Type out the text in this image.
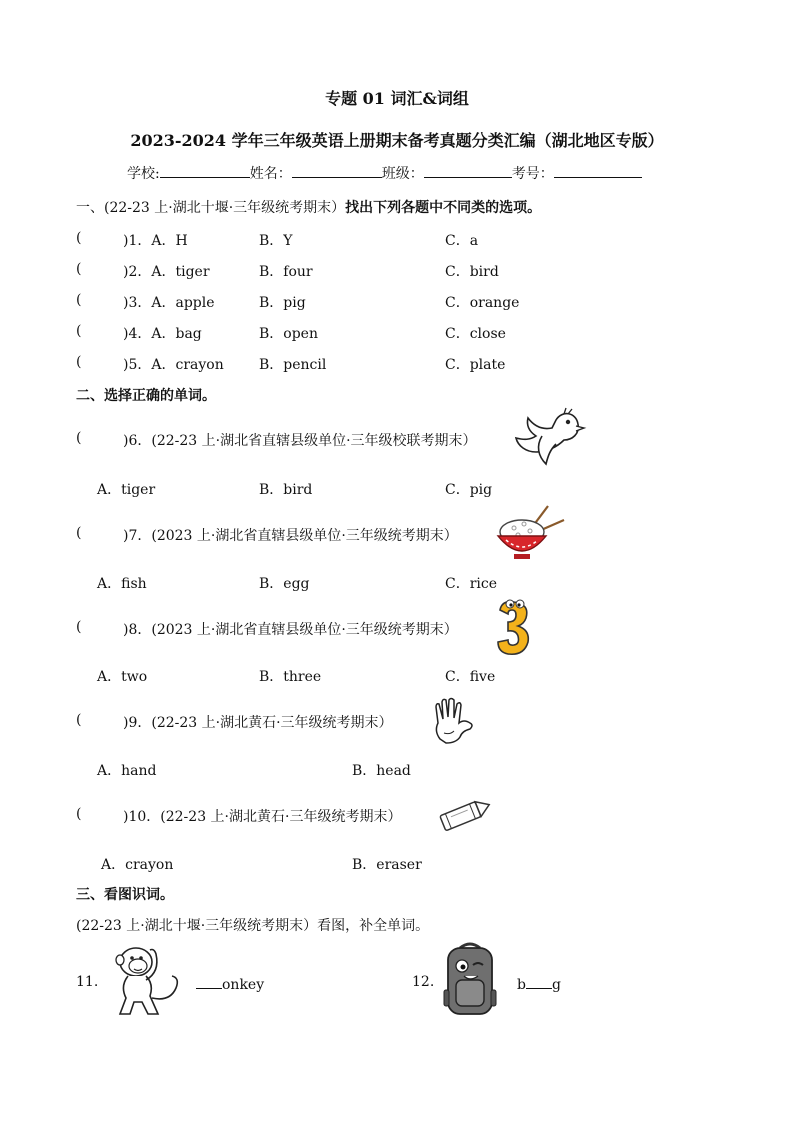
专题 01 词汇&词组
2023-2024 学年三年级英语上册期末备考真题分类汇编（湖北地区专版）
学校:	姓名：	班级：	考号：
一、(22-23 上·湖北十堰·三年级统考期末）找出下列各题中不同类的选项。
(	)1．A．H	B．Y	C．a
(	)2．A．tiger	B．four	C．bird
(	)3．A．apple	B．pig	C．orange
(	)4．A．bag	B．open	C．close
(	)5．A．crayon	B．pencil	C．plate
二、选择正确的单词。
(	)6．(22-23 上·湖北省直辖县级单位·三年级校联考期末）
A．tiger	B．bird	C．pig
(	)7．(2023 上·湖北省直辖县级单位·三年级统考期末）
A．fish	B．egg	C．rice
(	)8．(2023 上·湖北省直辖县级单位·三年级统考期末）
A．two	B．three	C．five
(	)9．(22-23 上·湖北黄石·三年级统考期末）
A．hand	B．head
(	)10．(22-23 上·湖北黄石·三年级统考期末）
A．crayon	B．eraser
三、看图识词。
(22-23 上·湖北十堰·三年级统考期末）看图，补全单词。
11.	onkey	12.	b g
